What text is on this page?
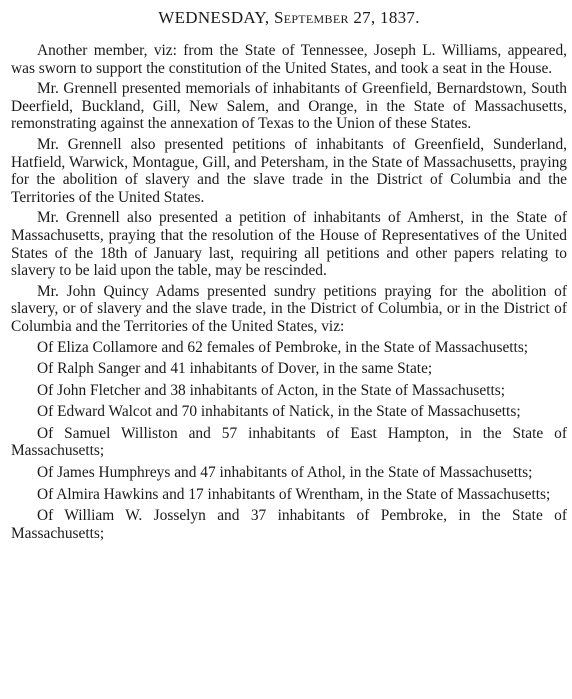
WEDNESDAY, September 27, 1837.

Another member, viz: from the State of Tennessee, Joseph L. Williams, appeared, was sworn to support the constitution of the United States, and took a seat in the House.

Mr. Grennell presented memorials of inhabitants of Greenfield, Bernardstown, South Deerfield, Buckland, Gill, New Salem, and Orange, in the State of Massachusetts, remonstrating against the annexation of Texas to the Union of these States.

Mr. Grennell also presented petitions of inhabitants of Greenfield, Sunderland, Hatfield, Warwick, Montague, Gill, and Petersham, in the State of Massachusetts, praying for the abolition of slavery and the slave trade in the District of Columbia and the Territories of the United States.

Mr. Grennell also presented a petition of inhabitants of Amherst, in the State of Massachusetts, praying that the resolution of the House of Representatives of the United States of the 18th of January last, requiring all petitions and other papers relating to slavery to be laid upon the table, may be rescinded.

Mr. John Quincy Adams presented sundry petitions praying for the abolition of slavery, or of slavery and the slave trade, in the District of Columbia, or in the District of Columbia and the Territories of the United States, viz:

Of Eliza Collamore and 62 females of Pembroke, in the State of Massachusetts;

Of Ralph Sanger and 41 inhabitants of Dover, in the same State;

Of John Fletcher and 38 inhabitants of Acton, in the State of Massachusetts;

Of Edward Walcot and 70 inhabitants of Natick, in the State of Massachusetts;

Of Samuel Williston and 57 inhabitants of East Hampton, in the State of Massachusetts;

Of James Humphreys and 47 inhabitants of Athol, in the State of Massachusetts;

Of Almira Hawkins and 17 inhabitants of Wrentham, in the State of Massachusetts;

Of William W. Josselyn and 37 inhabitants of Pembroke, in the State of Massachusetts;
